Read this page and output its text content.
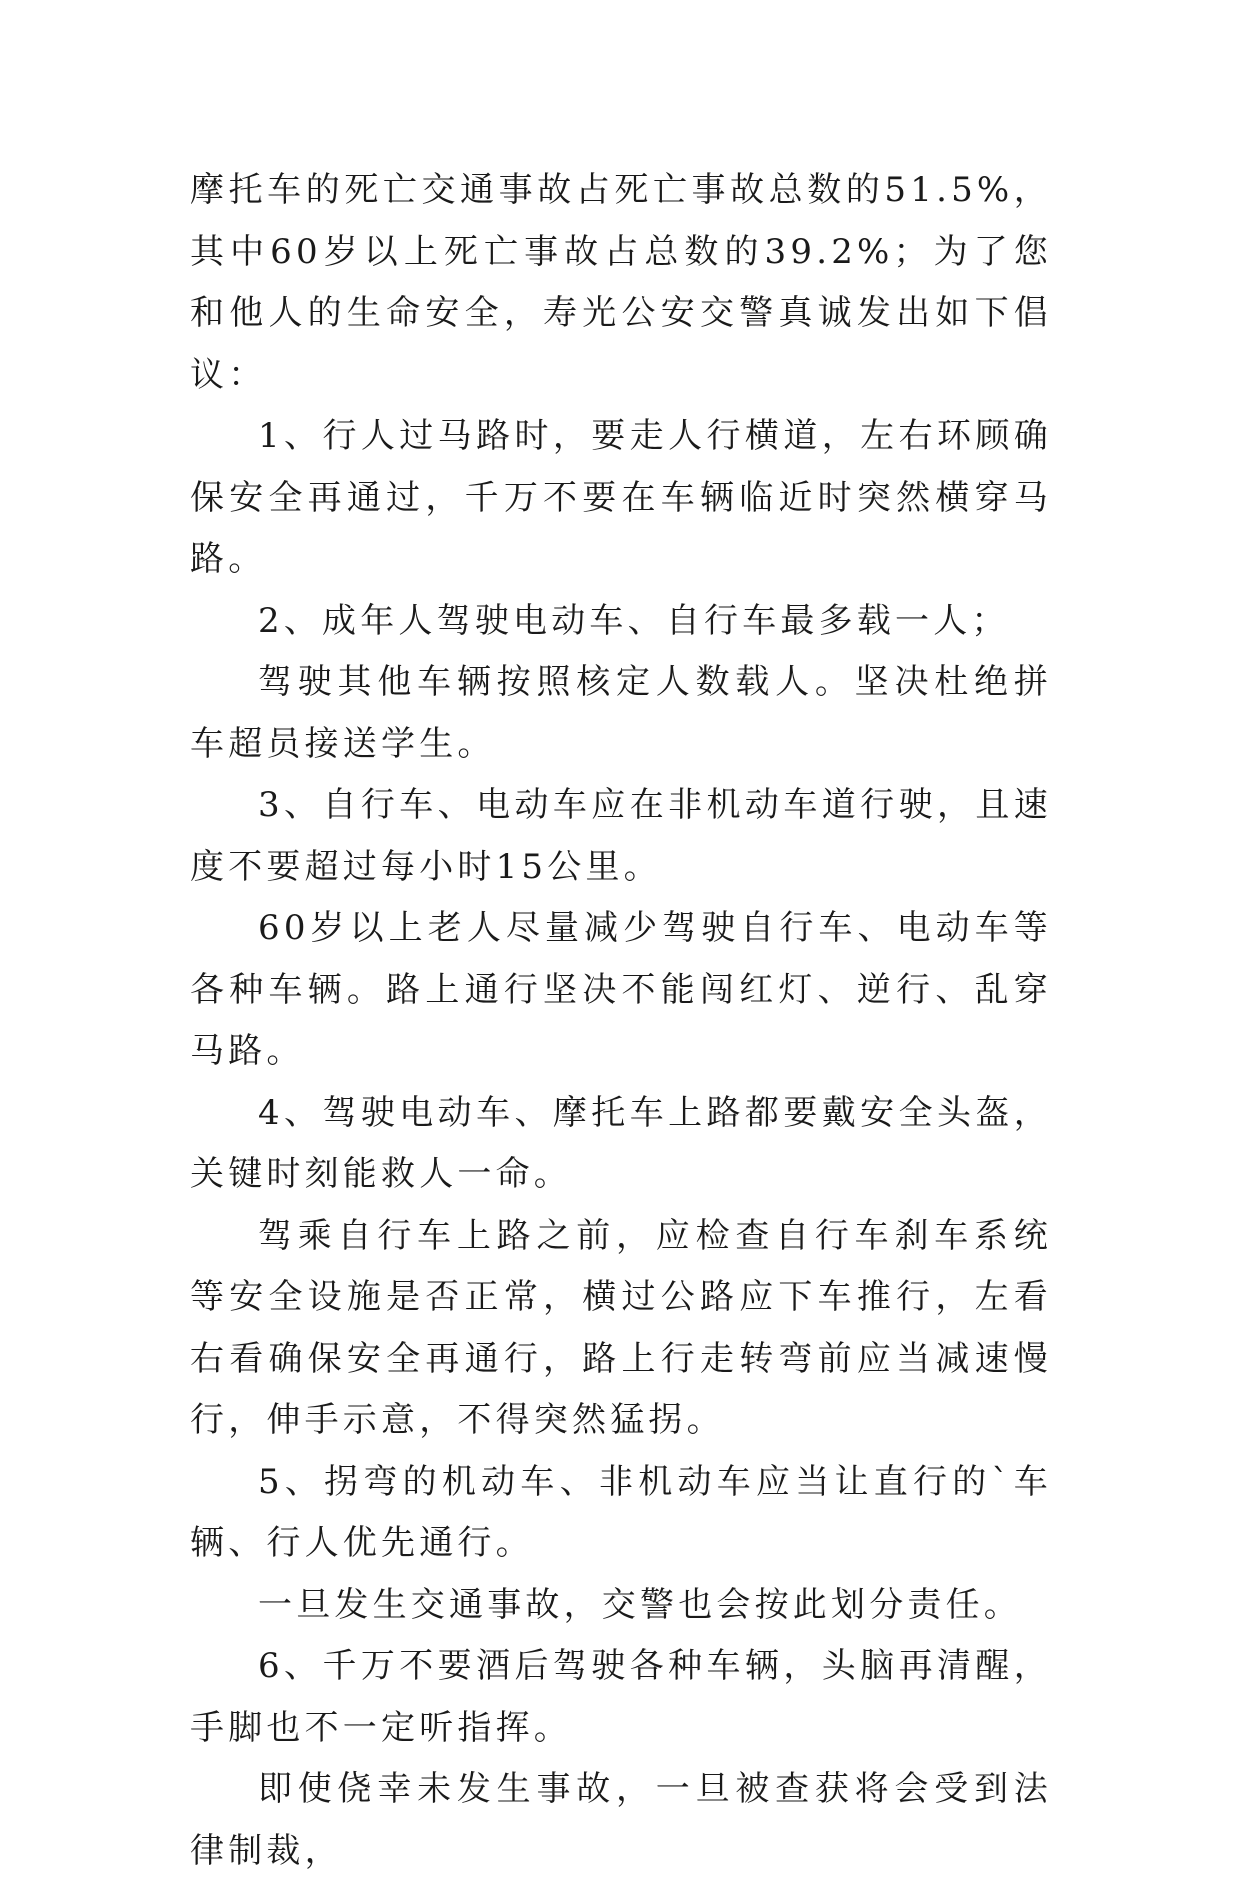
摩托车的死亡交通事故占死亡事故总数的51.5%，其中60岁以上死亡事故占总数的39.2%；为了您和他人的生命安全，寿光公安交警真诚发出如下倡议：

1、行人过马路时，要走人行横道，左右环顾确保安全再通过，千万不要在车辆临近时突然横穿马路。

2、成年人驾驶电动车、自行车最多载一人；

驾驶其他车辆按照核定人数载人。坚决杜绝拼车超员接送学生。

3、自行车、电动车应在非机动车道行驶，且速度不要超过每小时15公里。

60岁以上老人尽量减少驾驶自行车、电动车等各种车辆。路上通行坚决不能闯红灯、逆行、乱穿马路。

4、驾驶电动车、摩托车上路都要戴安全头盔，关键时刻能救人一命。

驾乘自行车上路之前，应检查自行车刹车系统等安全设施是否正常，横过公路应下车推行，左看右看确保安全再通行，路上行走转弯前应当减速慢行，伸手示意，不得突然猛拐。

5、拐弯的机动车、非机动车应当让直行的`车辆、行人优先通行。

一旦发生交通事故，交警也会按此划分责任。

6、千万不要酒后驾驶各种车辆，头脑再清醒，手脚也不一定听指挥。

即使侥幸未发生事故，一旦被查获将会受到法律制裁，
